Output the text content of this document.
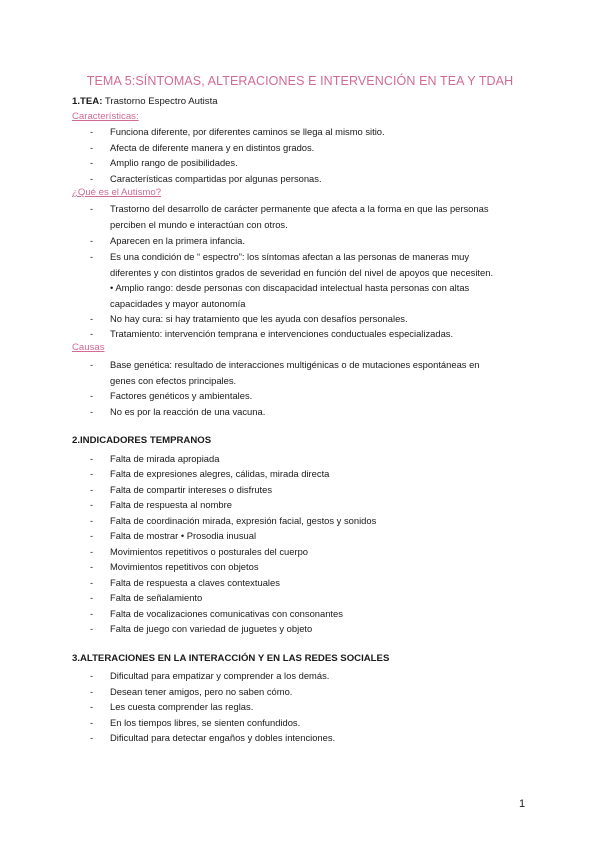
TEMA 5:SÍNTOMAS, ALTERACIONES E INTERVENCIÓN EN TEA Y TDAH
1.TEA: Trastorno Espectro Autista
Características:
- Funciona diferente, por diferentes caminos se llega al mismo sitio.
- Afecta de diferente manera y en distintos grados.
- Amplio rango de posibilidades.
- Características compartidas por algunas personas.
¿Qué es el Autismo?
- Trastorno del desarrollo de carácter permanente que afecta a la forma en que las personas
perciben el mundo e interactúan con otros.
- Aparecen en la primera infancia.
- Es una condición de “ espectro”: los síntomas afectan a las personas de maneras muy
diferentes y con distintos grados de severidad en función del nivel de apoyos que necesiten.
• Amplio rango: desde personas con discapacidad intelectual hasta personas con altas
capacidades y mayor autonomía
- No hay cura: si hay tratamiento que les ayuda con desafíos personales.
- Tratamiento: intervención temprana e intervenciones conductuales especializadas.
Causas
- Base genética: resultado de interacciones multigénicas o de mutaciones espontáneas en
genes con efectos principales.
- Factores genéticos y ambientales.
- No es por la reacción de una vacuna.
2.INDICADORES TEMPRANOS
- Falta de mirada apropiada
- Falta de expresiones alegres, cálidas, mirada directa
- Falta de compartir intereses o disfrutes
- Falta de respuesta al nombre
- Falta de coordinación mirada, expresión facial, gestos y sonidos
- Falta de mostrar • Prosodia inusual
- Movimientos repetitivos o posturales del cuerpo
- Movimientos repetitivos con objetos
- Falta de respuesta a claves contextuales
- Falta de señalamiento
- Falta de vocalizaciones comunicativas con consonantes
- Falta de juego con variedad de juguetes y objeto
3.ALTERACIONES EN LA INTERACCIÓN Y EN LAS REDES SOCIALES
- Dificultad para empatizar y comprender a los demás.
- Desean tener amigos, pero no saben cómo.
- Les cuesta comprender las reglas.
- En los tiempos libres, se sienten confundidos.
- Dificultad para detectar engaños y dobles intenciones.
1
